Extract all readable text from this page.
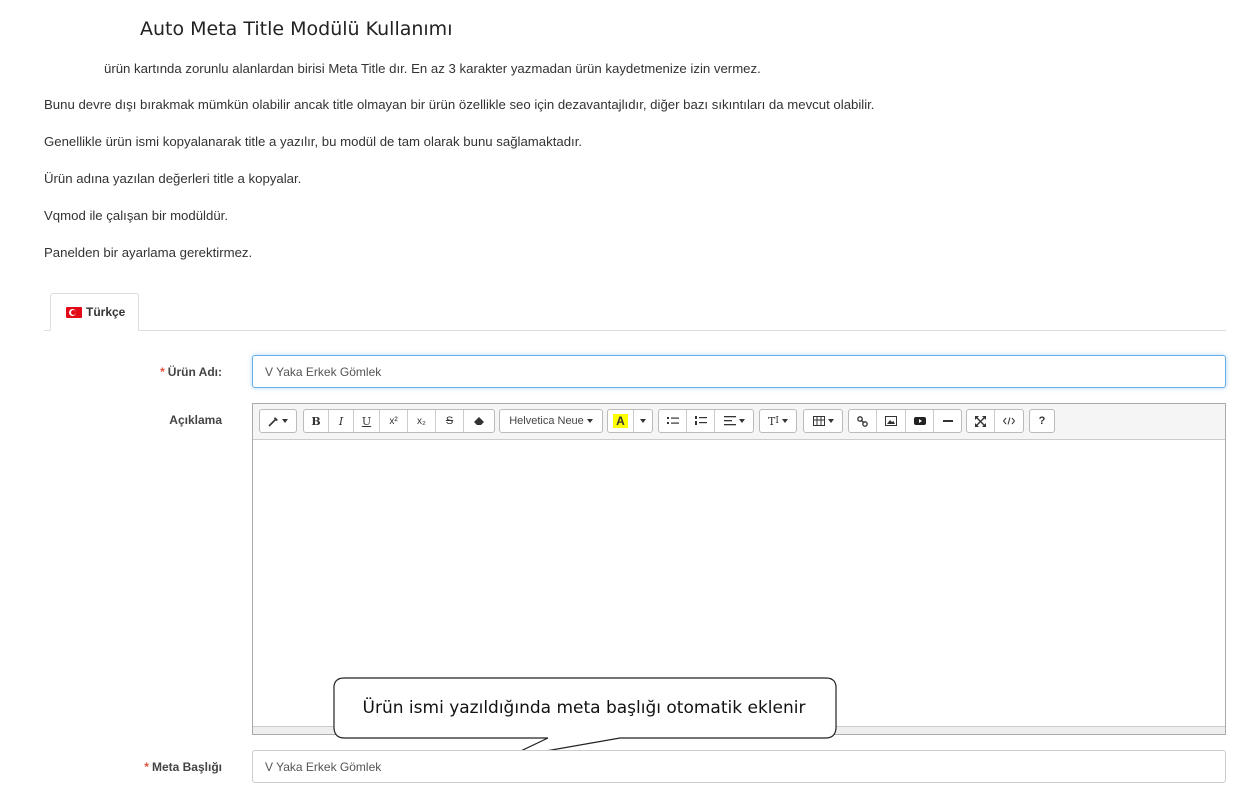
Auto Meta Title Modülü Kullanımı
ürün kartında zorunlu alanlardan birisi Meta Title dır. En az 3 karakter yazmadan ürün kaydetmenize izin vermez.
Bunu devre dışı bırakmak mümkün olabilir ancak title olmayan bir ürün özellikle seo için dezavantajlıdır, diğer bazı sıkıntıları da mevcut olabilir.
Genellikle ürün ismi kopyalanarak title a yazılır, bu modül de tam olarak bunu sağlamaktadır.
Ürün adına yazılan değerleri title a kopyalar.
Vqmod ile çalışan bir modüldür.
Panelden bir ayarlama gerektirmez.
Türkçe
* Ürün Adı:	V Yaka Erkek Gömlek
Açıklama	B	I	U	x²	x₂	S	Helvetica Neue	A	T I	?
Ürün ismi yazıldığında meta başlığı otomatik eklenir
* Meta Başlığı	V Yaka Erkek Gömlek
